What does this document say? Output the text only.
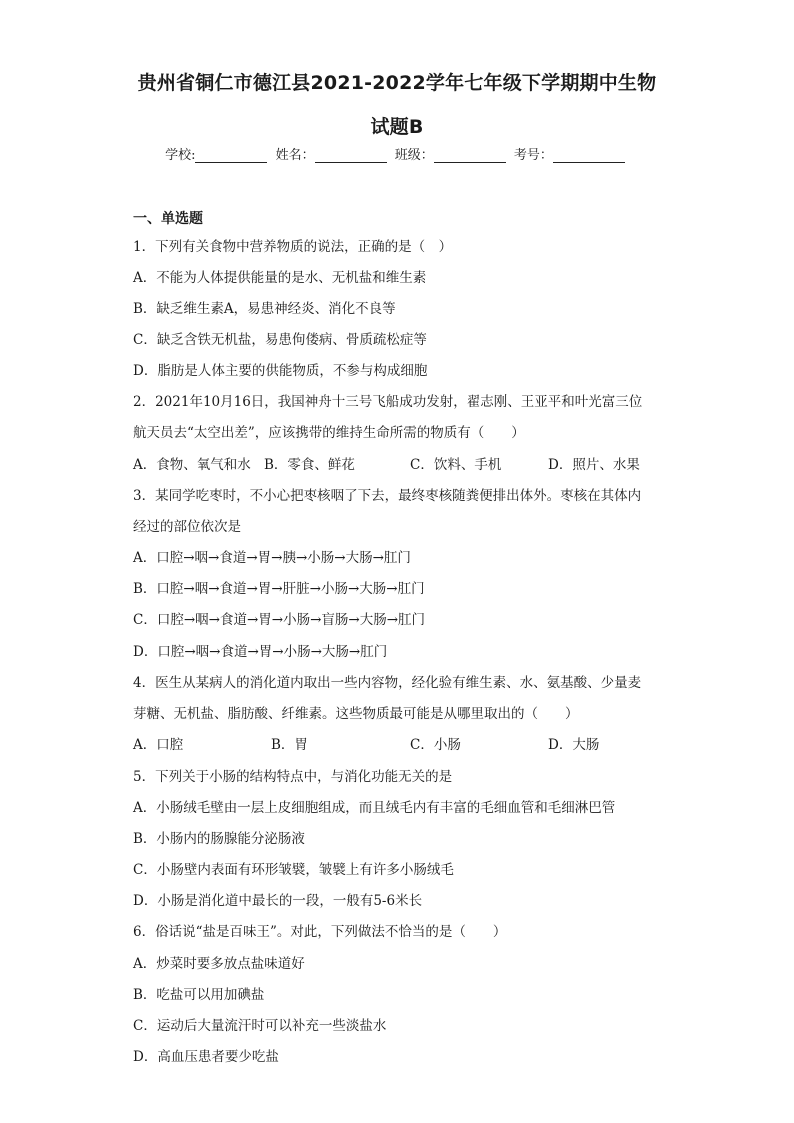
贵州省铜仁市德江县2021-2022学年七年级下学期期中生物
试题B
学校:	姓名：	班级：	考号：
一、单选题
1．下列有关食物中营养物质的说法，正确的是（　）
A．不能为人体提供能量的是水、无机盐和维生素
B．缺乏维生素A，易患神经炎、消化不良等
C．缺乏含铁无机盐，易患佝偻病、骨质疏松症等
D．脂肪是人体主要的供能物质，不参与构成细胞
2．2021年10月16日，我国神舟十三号飞船成功发射，翟志刚、王亚平和叶光富三位
航天员去“太空出差”，应该携带的维持生命所需的物质有（　　）
A．食物、氧气和水 B．零食、鲜花	C．饮料、手机	D．照片、水果
3．某同学吃枣时，不小心把枣核咽了下去，最终枣核随粪便排出体外。枣核在其体内
经过的部位依次是
A．口腔→咽→食道→胃→胰→小肠→大肠→肛门
B．口腔→咽→食道→胃→肝脏→小肠→大肠→肛门
C．口腔→咽→食道→胃→小肠→盲肠→大肠→肛门
D．口腔→咽→食道→胃→小肠→大肠→肛门
4．医生从某病人的消化道内取出一些内容物，经化验有维生素、水、氨基酸、少量麦
芽糖、无机盐、脂肪酸、纤维素。这些物质最可能是从哪里取出的（　　）
A．口腔	B．胃	C．小肠	D．大肠
5．下列关于小肠的结构特点中，与消化功能无关的是
A．小肠绒毛壁由一层上皮细胞组成，而且绒毛内有丰富的毛细血管和毛细淋巴管
B．小肠内的肠腺能分泌肠液
C．小肠壁内表面有环形皱襞，皱襞上有许多小肠绒毛
D．小肠是消化道中最长的一段，一般有5-6米长
6．俗话说“盐是百味王”。对此，下列做法不恰当的是（　　）
A．炒菜时要多放点盐味道好
B．吃盐可以用加碘盐
C．运动后大量流汗时可以补充一些淡盐水
D．高血压患者要少吃盐
